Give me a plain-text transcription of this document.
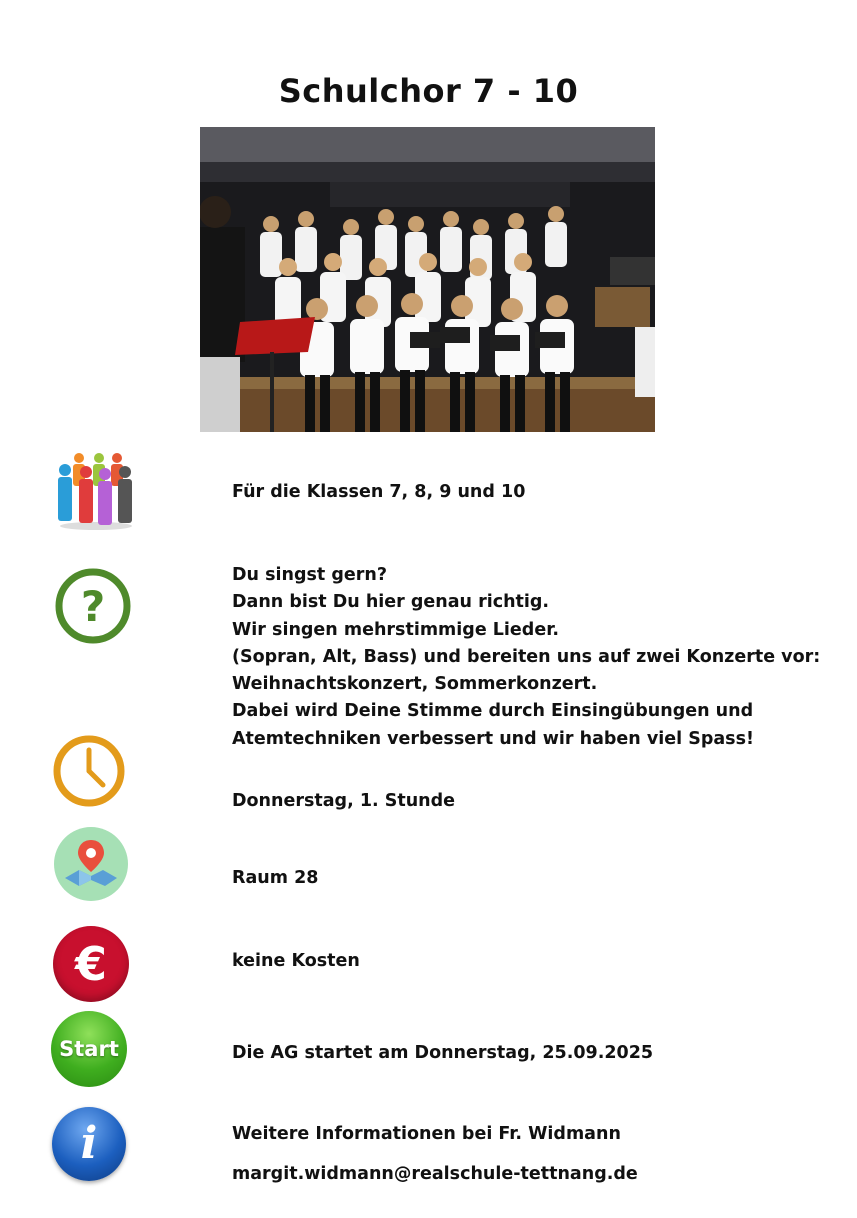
Schulchor 7 - 10
Für die Klassen 7, 8, 9 und 10
?
Du singst gern?
Dann bist Du hier genau richtig.
Wir singen mehrstimmige Lieder.
(Sopran, Alt, Bass) und bereiten uns auf zwei Konzerte vor:
Weihnachtskonzert, Sommerkonzert.
Dabei wird Deine Stimme durch Einsingübungen und
Atemtechniken verbessert und wir haben viel Spass!
Donnerstag, 1. Stunde
Raum 28
€	keine Kosten
Start	Die AG startet am Donnerstag, 25.09.2025
i	Weitere Informationen bei Fr. Widmann
margit.widmann@realschule-tettnang.de
